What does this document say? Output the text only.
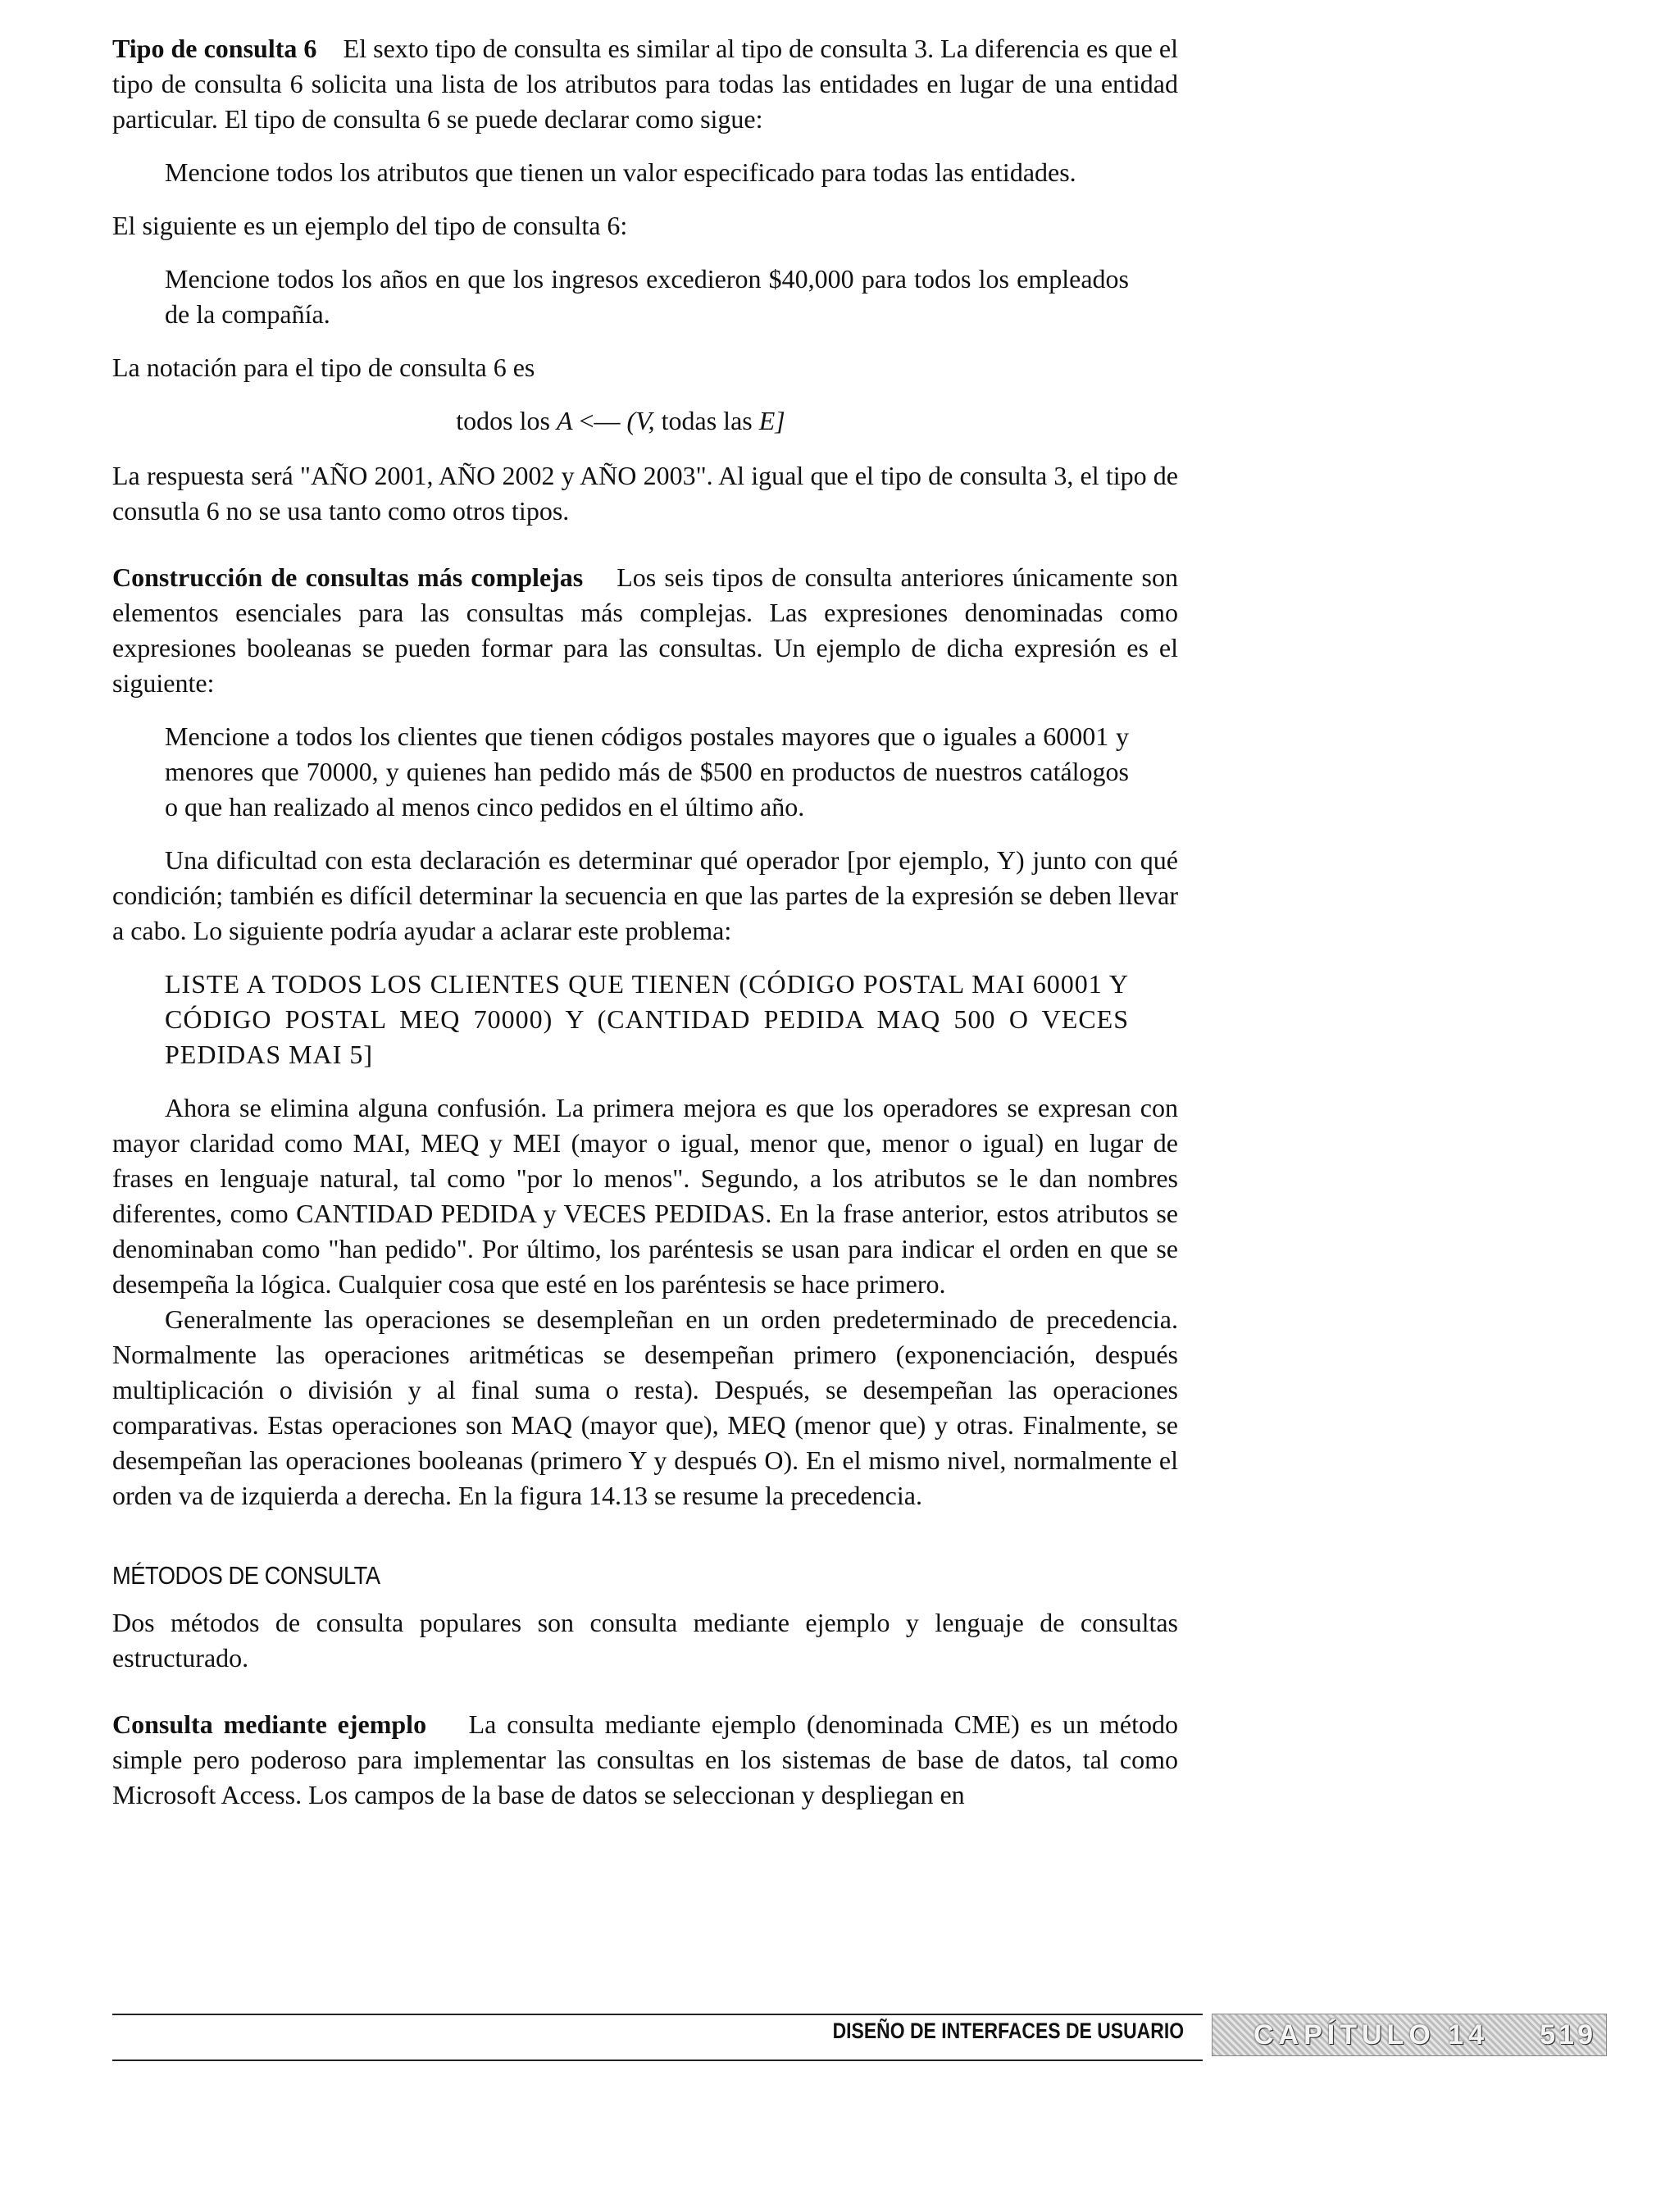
Tipo de consulta 6 El sexto tipo de consulta es similar al tipo de consulta 3. La diferencia es que el tipo de consulta 6 solicita una lista de los atributos para todas las entidades en lugar de una entidad particular. El tipo de consulta 6 se puede declarar como sigue:

Mencione todos los atributos que tienen un valor especificado para todas las entidades.

El siguiente es un ejemplo del tipo de consulta 6:

Mencione todos los años en que los ingresos excedieron $40,000 para todos los empleados de la compañía.

La notación para el tipo de consulta 6 es

todos los A <— (V, todas las E]

La respuesta será "AÑO 2001, AÑO 2002 y AÑO 2003". Al igual que el tipo de consulta 3, el tipo de consutla 6 no se usa tanto como otros tipos.

Construcción de consultas más complejas Los seis tipos de consulta anteriores únicamente son elementos esenciales para las consultas más complejas. Las expresiones denominadas como expresiones booleanas se pueden formar para las consultas. Un ejemplo de dicha expresión es el siguiente:

Mencione a todos los clientes que tienen códigos postales mayores que o iguales a 60001 y menores que 70000, y quienes han pedido más de $500 en productos de nuestros catálogos o que han realizado al menos cinco pedidos en el último año.

Una dificultad con esta declaración es determinar qué operador [por ejemplo, Y) junto con qué condición; también es difícil determinar la secuencia en que las partes de la expresión se deben llevar a cabo. Lo siguiente podría ayudar a aclarar este problema:

LISTE A TODOS LOS CLIENTES QUE TIENEN (CÓDIGO POSTAL MAI 60001 Y CÓDIGO POSTAL MEQ 70000) Y (CANTIDAD PEDIDA MAQ 500 O VECES PEDIDAS MAI 5]

Ahora se elimina alguna confusión. La primera mejora es que los operadores se expresan con mayor claridad como MAI, MEQ y MEI (mayor o igual, menor que, menor o igual) en lugar de frases en lenguaje natural, tal como "por lo menos". Segundo, a los atributos se le dan nombres diferentes, como CANTIDAD PEDIDA y VECES PEDIDAS. En la frase anterior, estos atributos se denominaban como "han pedido". Por último, los paréntesis se usan para indicar el orden en que se desempeña la lógica. Cualquier cosa que esté en los paréntesis se hace primero.

Generalmente las operaciones se desempleñan en un orden predeterminado de precedencia. Normalmente las operaciones aritméticas se desempeñan primero (exponenciación, después multiplicación o división y al final suma o resta). Después, se desempeñan las operaciones comparativas. Estas operaciones son MAQ (mayor que), MEQ (menor que) y otras. Finalmente, se desempeñan las operaciones booleanas (primero Y y después O). En el mismo nivel, normalmente el orden va de izquierda a derecha. En la figura 14.13 se resume la precedencia.

MÉTODOS DE CONSULTA

Dos métodos de consulta populares son consulta mediante ejemplo y lenguaje de consultas estructurado.

Consulta mediante ejemplo La consulta mediante ejemplo (denominada CME) es un método simple pero poderoso para implementar las consultas en los sistemas de base de datos, tal como Microsoft Access. Los campos de la base de datos se seleccionan y despliegan en

DISEÑO DE INTERFACES DE USUARIO	CAPÍTULO 14 519
